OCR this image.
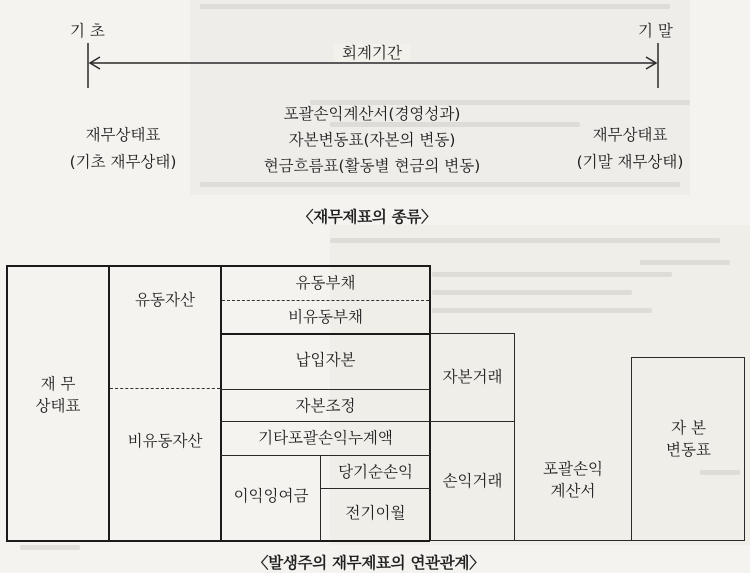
기 초	기 말
회계기간
재무상태표
(기초 재무상태)
포괄손익계산서(경영성과)
자본변동표(자본의 변동)
현금흐름표(활동별 현금의 변동)
재무상태표
(기말 재무상태)
〈재무제표의 종류〉
재 무
상태표
유동자산
비유동자산
유동부채
비유동부채
납입자본
자본조정
기타포괄손익누계액
이익잉여금
당기순손익
전기이월
자본거래
손익거래
포괄손익
계산서
자 본
변동표
〈발생주의 재무제표의 연관관계〉
